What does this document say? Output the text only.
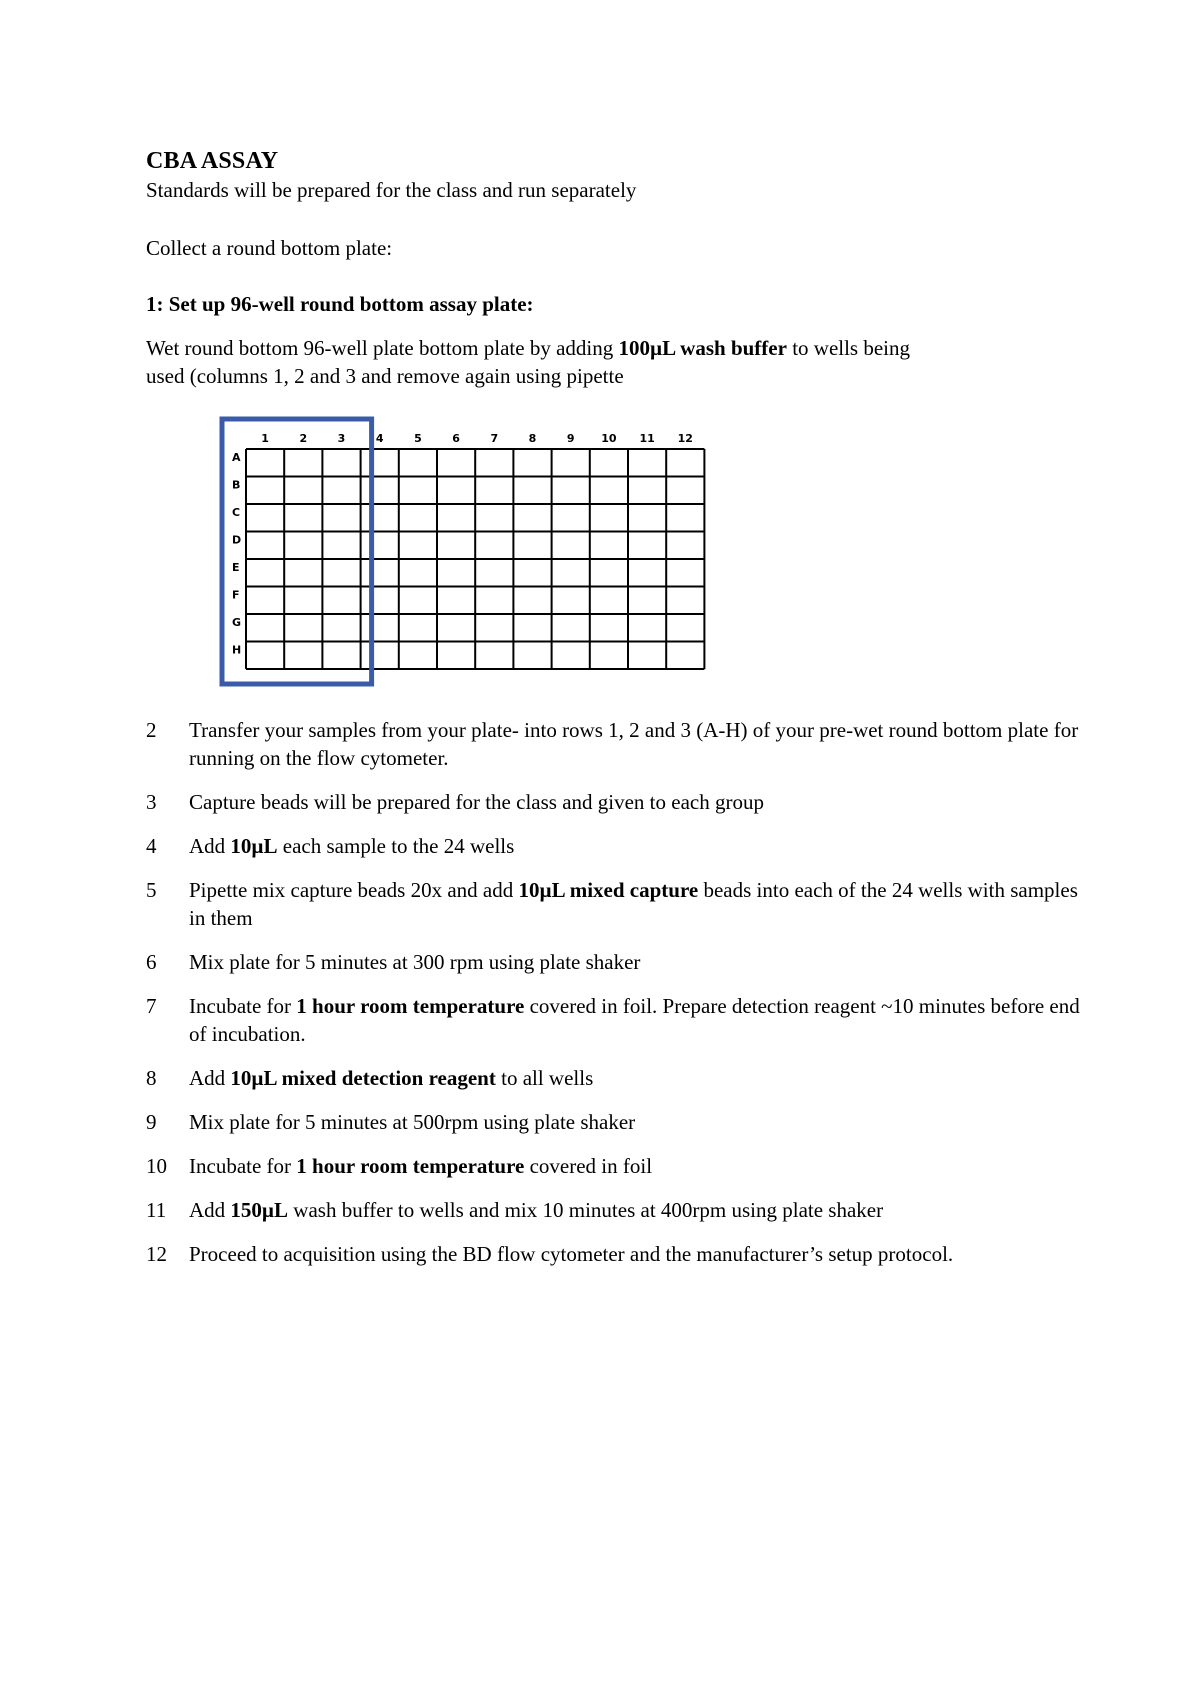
CBA ASSAY
Standards will be prepared for the class and run separately
Collect a round bottom plate:
1: Set up 96-well round bottom assay plate:
Wet round bottom 96-well plate bottom plate by adding 100µL wash buffer to wells being
used (columns 1, 2 and 3 and remove again using pipette
1	2	3	4	5	6	7	8	9 10 11 12
A
B
C
D
E
F
G
H
2	Transfer your samples from your plate- into rows 1, 2 and 3 (A-H) of your pre-wet round bottom plate for running on the flow cytometer.
3	Capture beads will be prepared for the class and given to each group
4	Add 10µL each sample to the 24 wells
5	Pipette mix capture beads 20x and add 10µL mixed capture beads into each of the 24 wells with samples in them
6	Mix plate for 5 minutes at 300 rpm using plate shaker
7	Incubate for 1 hour room temperature covered in foil. Prepare detection reagent ~10 minutes before end of incubation.
8	Add 10µL mixed detection reagent to all wells
9	Mix plate for 5 minutes at 500rpm using plate shaker
10	Incubate for 1 hour room temperature covered in foil
11	Add 150µL wash buffer to wells and mix 10 minutes at 400rpm using plate shaker
12	Proceed to acquisition using the BD flow cytometer and the manufacturer’s setup protocol.
